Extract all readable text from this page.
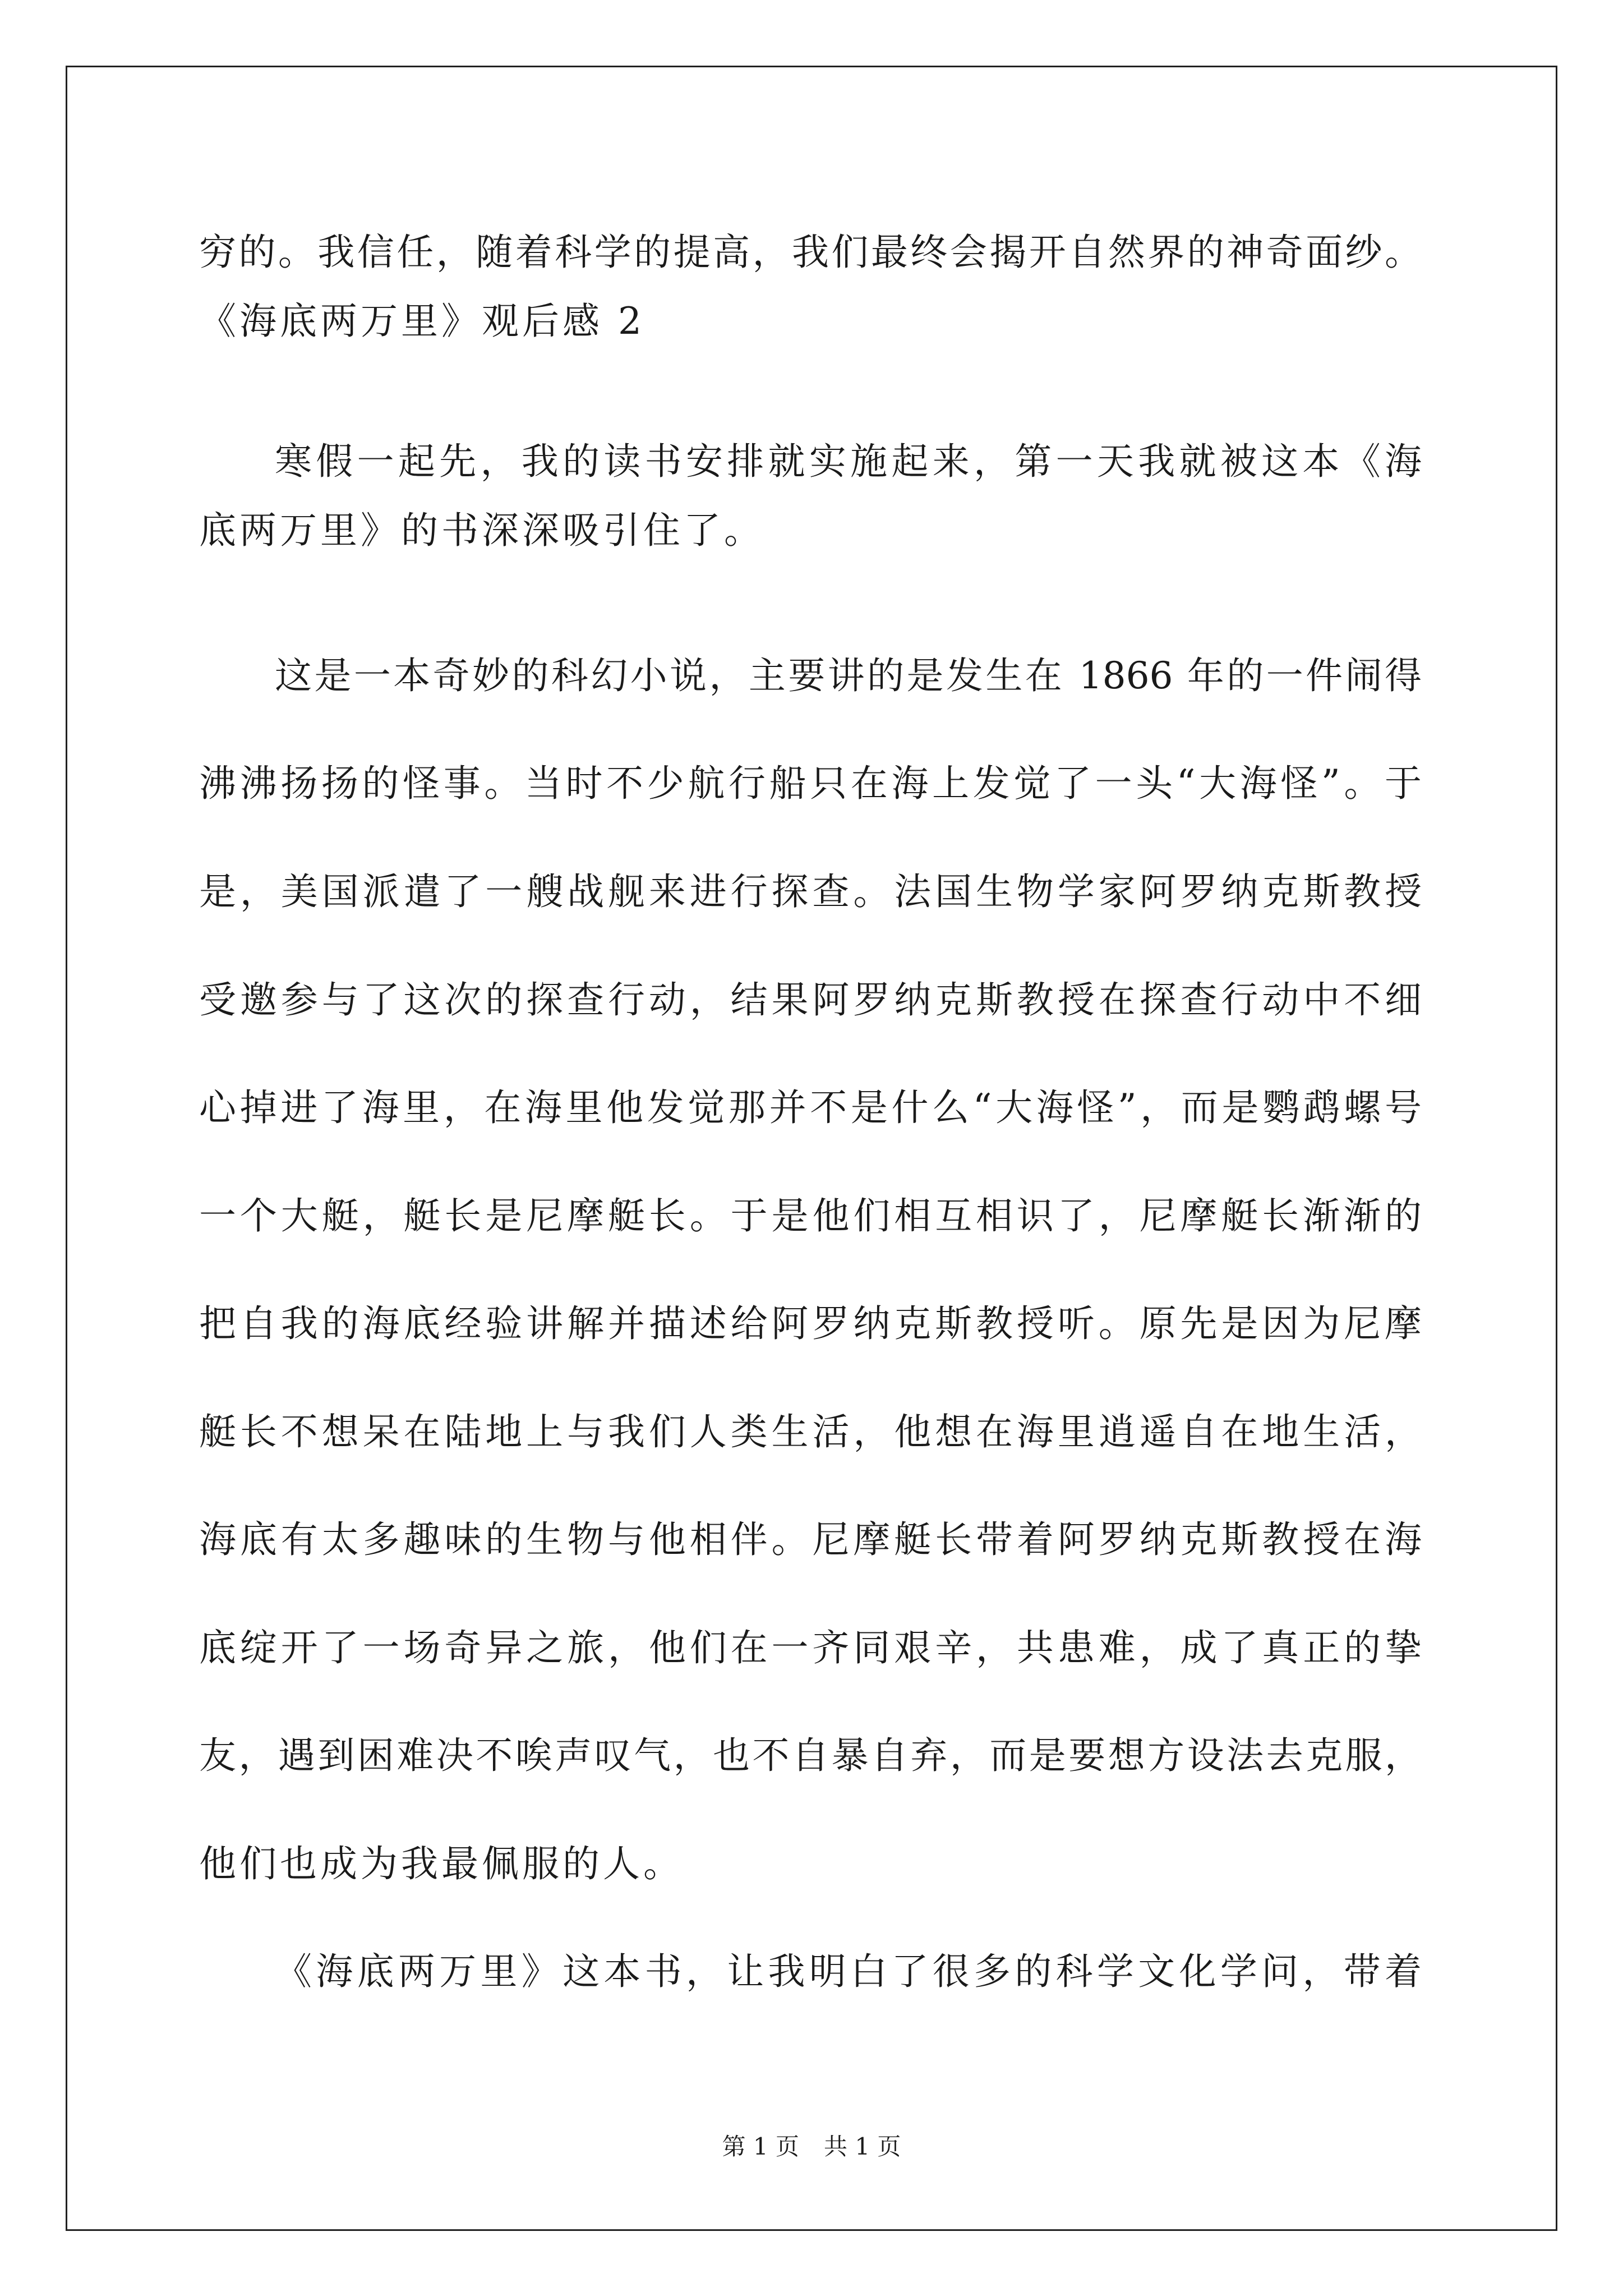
穷的。我信任，随着科学的提高，我们最终会揭开自然界的神奇面纱。
《海底两万里》观后感 2
寒假一起先，我的读书安排就实施起来，第一天我就被这本《海
底两万里》的书深深吸引住了。
这是一本奇妙的科幻小说，主要讲的是发生在 1866 年的一件闹得
沸沸扬扬的怪事。当时不少航行船只在海上发觉了一头“大海怪”。于
是，美国派遣了一艘战舰来进行探查。法国生物学家阿罗纳克斯教授
受邀参与了这次的探查行动，结果阿罗纳克斯教授在探查行动中不细
心掉进了海里，在海里他发觉那并不是什么“大海怪”，而是鹦鹉螺号
一个大艇，艇长是尼摩艇长。于是他们相互相识了，尼摩艇长渐渐的
把自我的海底经验讲解并描述给阿罗纳克斯教授听。原先是因为尼摩
艇长不想呆在陆地上与我们人类生活，他想在海里逍遥自在地生活，
海底有太多趣味的生物与他相伴。尼摩艇长带着阿罗纳克斯教授在海
底绽开了一场奇异之旅，他们在一齐同艰辛，共患难，成了真正的挚
友，遇到困难决不唉声叹气，也不自暴自弃，而是要想方设法去克服，
他们也成为我最佩服的人。
《海底两万里》这本书，让我明白了很多的科学文化学问，带着
第 1 页 共 1 页
